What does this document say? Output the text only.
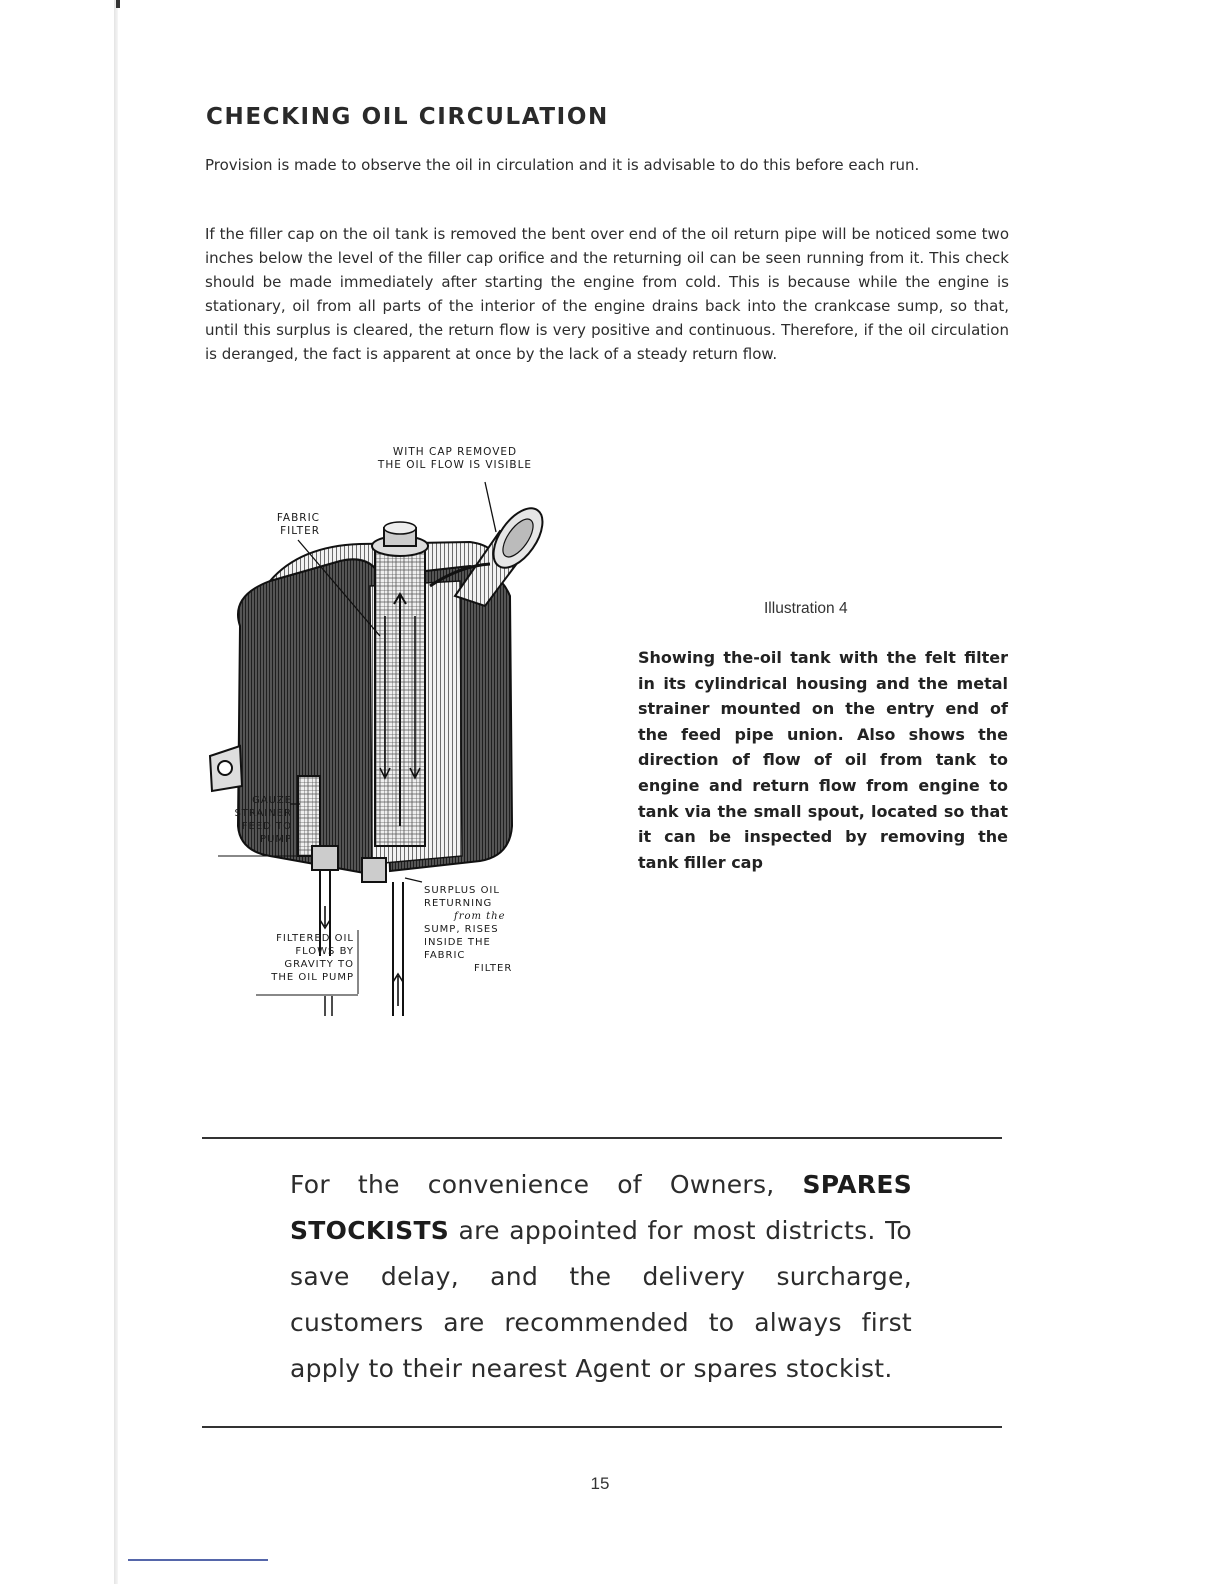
CHECKING OIL CIRCULATION

Provision is made to observe the oil in circulation and it is advisable to do this before each run.

If the filler cap on the oil tank is removed the bent over end of the oil return pipe will be noticed some two inches below the level of the filler cap orifice and the returning oil can be seen running from it. This check should be made immediately after starting the engine from cold. This is because while the engine is stationary, oil from all parts of the interior of the engine drains back into the crankcase sump, so that, until this surplus is cleared, the return flow is very positive and continuous. Therefore, if the oil circulation is deranged, the fact is apparent at once by the lack of a steady return flow.

WITH CAP REMOVED
THE OIL FLOW IS VISIBLE
FABRIC
FILTER
GAUZE
STRAINER
FEED TO
PUMP
FILTERED OIL
FLOWS BY
GRAVITY TO
THE OIL PUMP
SURPLUS OIL
RETURNING
from the
SUMP, RISES
INSIDE THE
FABRIC
FILTER
Illustration 4

Showing the-oil tank with the felt filter in its cylindrical housing and the metal strainer mounted on the entry end of the feed pipe union. Also shows the direction of flow of oil from tank to engine and return flow from engine to tank via the small spout, located so that it can be inspected by removing the tank filler cap

For the convenience of Owners, SPARES STOCKISTS are appointed for most districts. To save delay, and the delivery surcharge, customers are recommended to always first apply to their nearest Agent or spares stockist.

15
